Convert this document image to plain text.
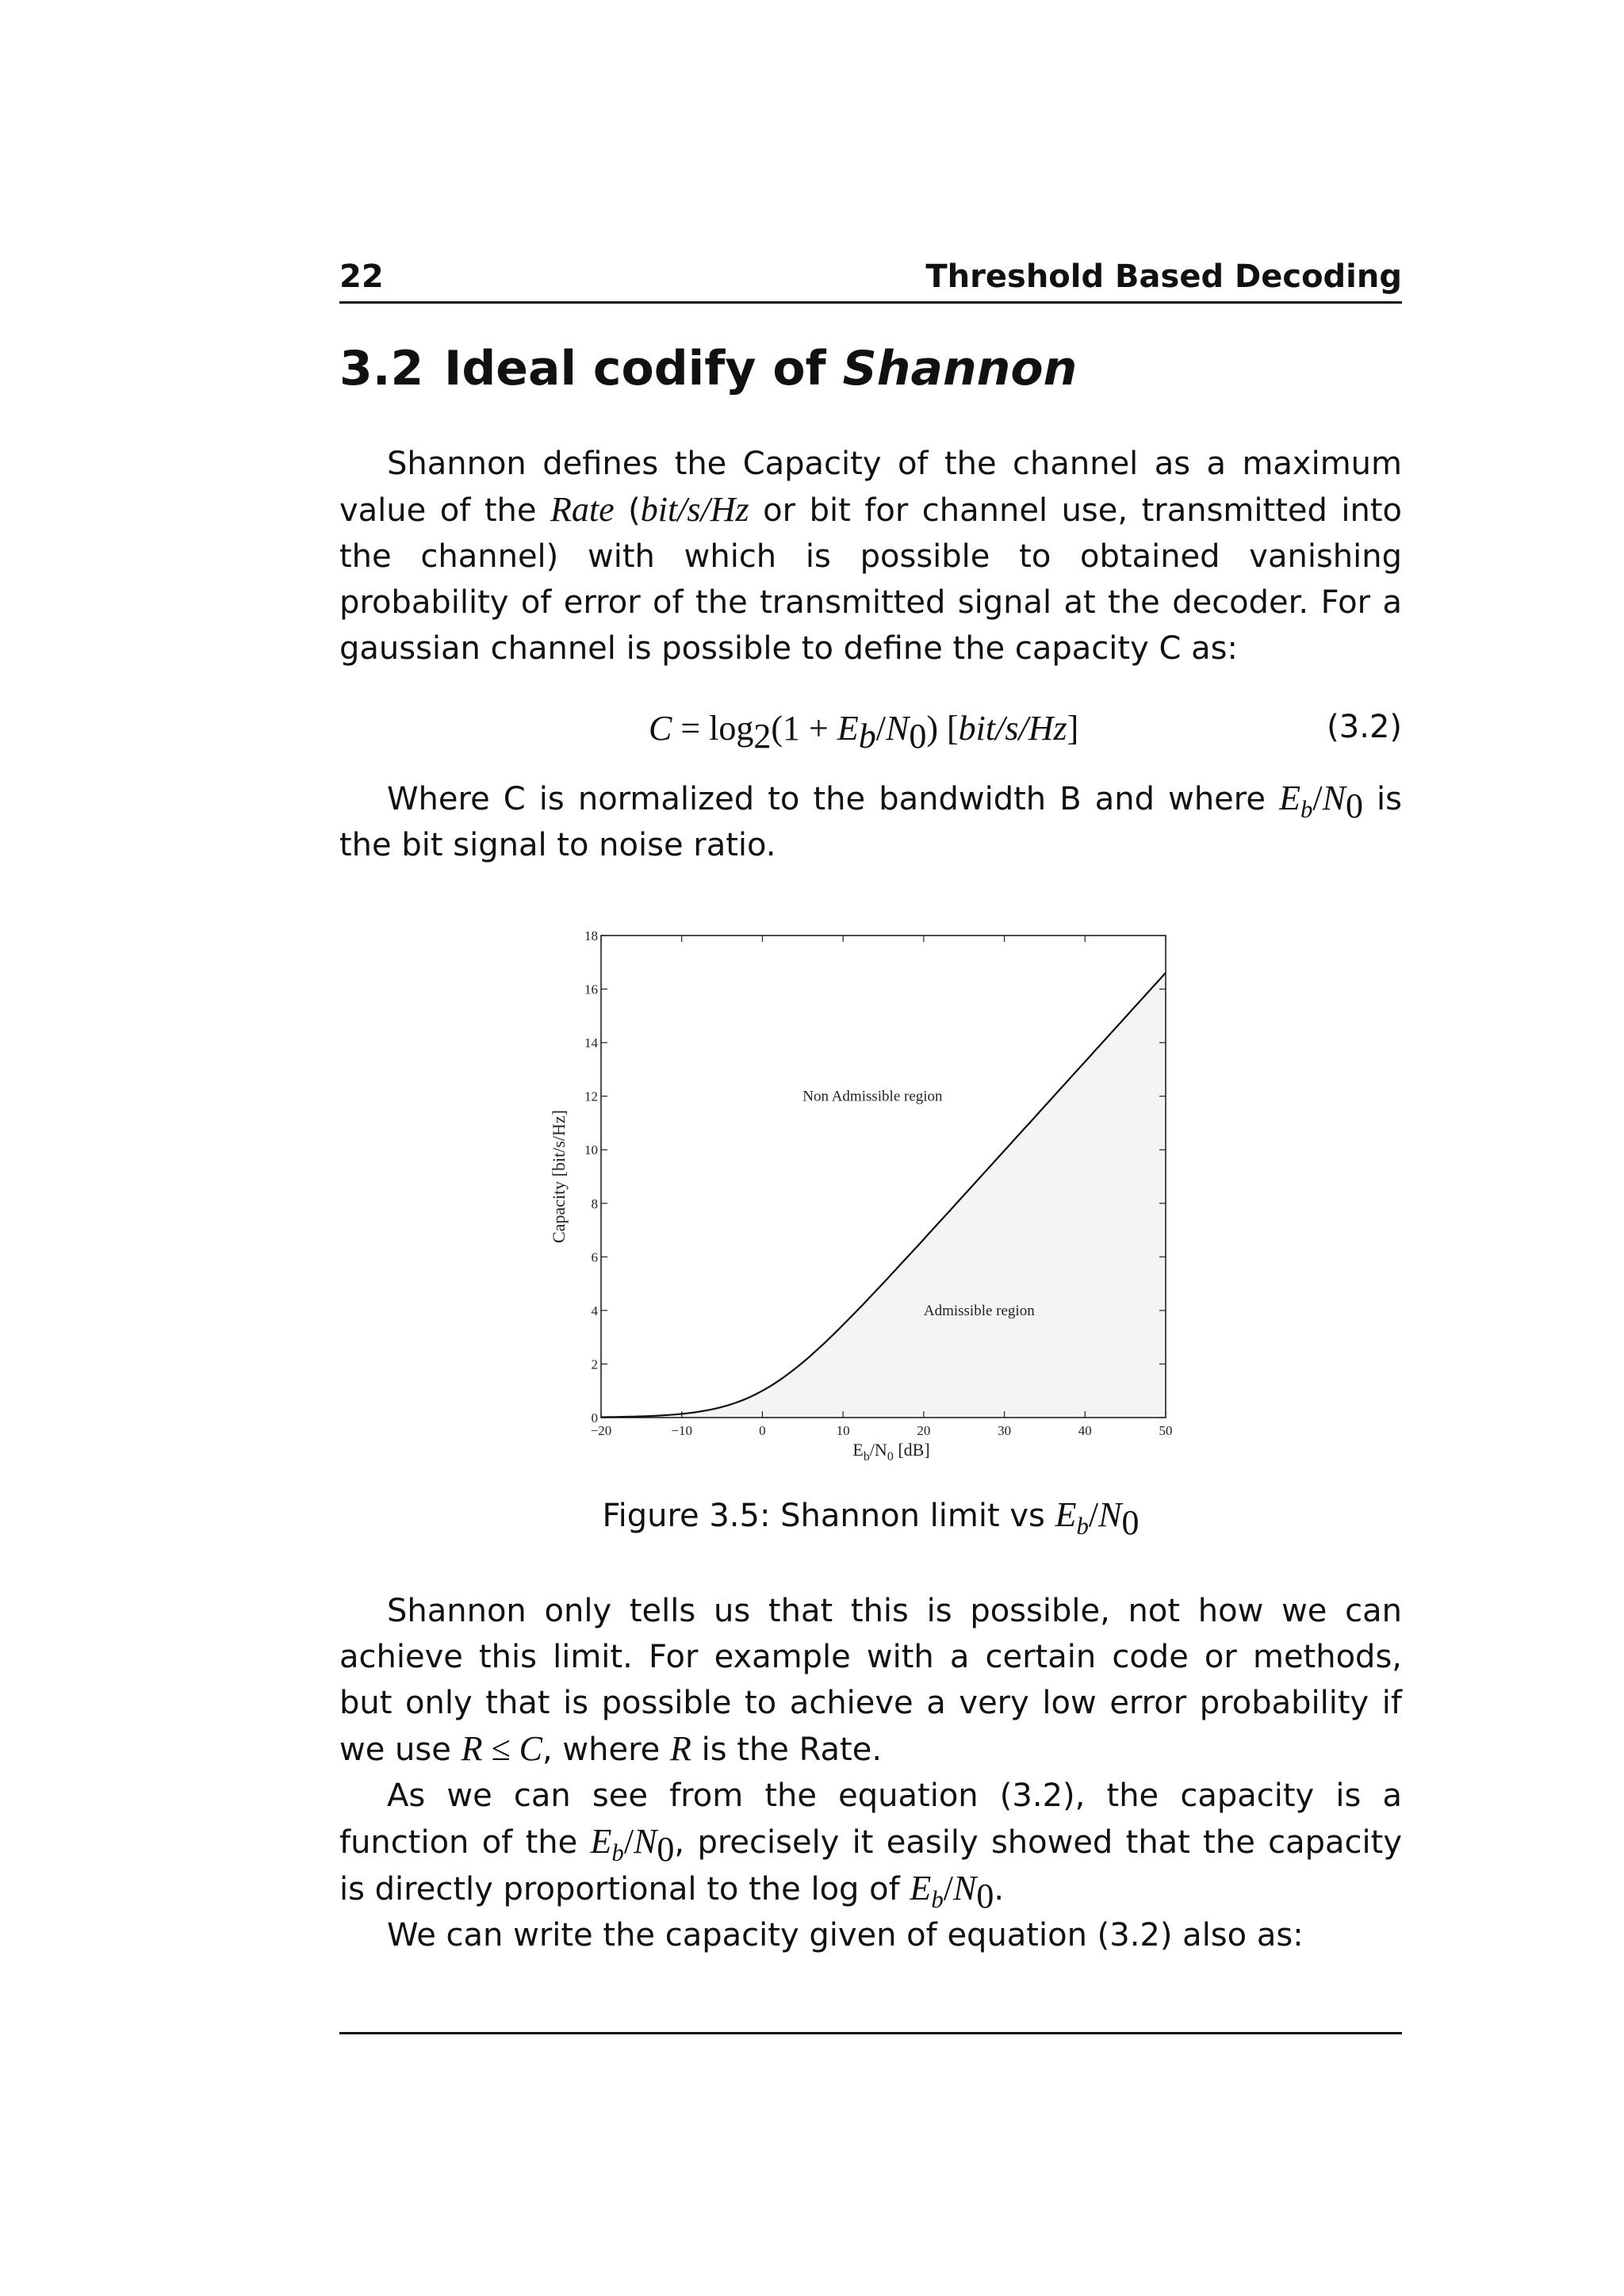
22	Threshold Based Decoding
3.2 Ideal codify of Shannon

Shannon defines the Capacity of the channel as a maximum value of the Rate (bit/s/Hz or bit for channel use, transmitted into the channel) with which is possible to obtained vanishing probability of error of the transmitted signal at the decoder. For a gaussian channel is possible to define the capacity C as:

$C = \log_2(1 + E_b/N_0)$ [bit/s/Hz]	(3.2)

Where C is normalized to the bandwidth B and where $E_b/N_0$ is the bit signal to noise ratio.

−20	−10	0	10	20	30	40	50
0
2
4
6
8
10
12
14
16
18
Non Admissible region
Admissible region
$E_b/N_0$ [dB]
Capacity [bit/s/Hz]
Figure 3.5: Shannon limit vs $E_b/N_0$

Shannon only tells us that this is possible, not how we can achieve this limit. For example with a certain code or methods, but only that is possible to achieve a very low error probability if we use R ≤ C, where R is the Rate.

As we can see from the equation (3.2), the capacity is a function of the $E_b/N_0$, precisely it easily showed that the capacity is directly proportional to the log of $E_b/N_0$.

We can write the capacity given of equation (3.2) also as:
